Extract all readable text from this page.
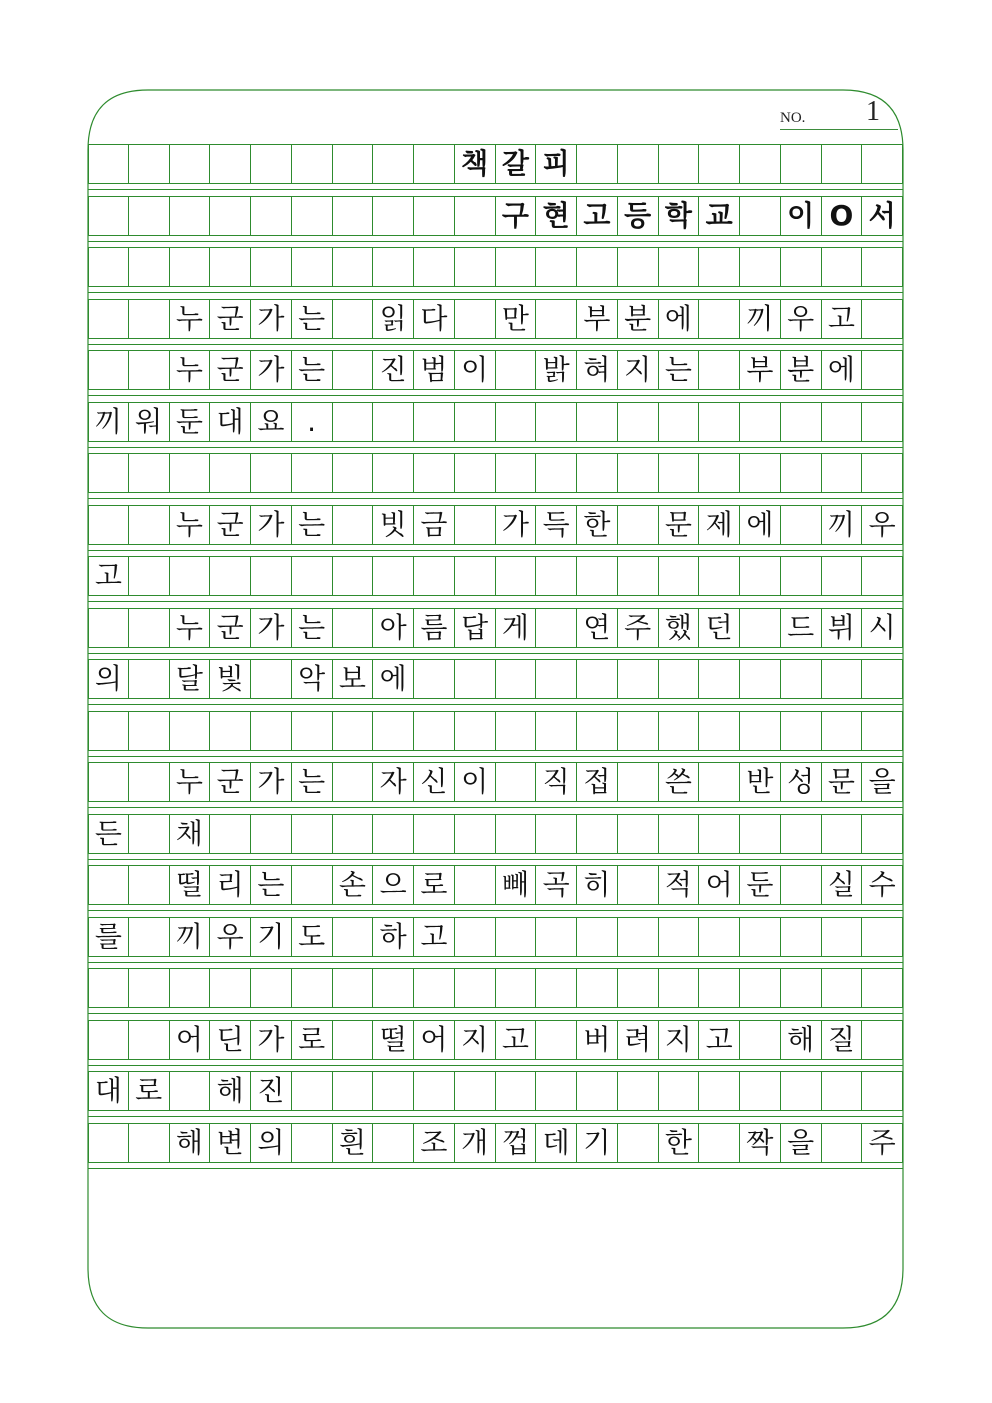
NO. 1
책 갈 피
구 현 고 등 학 교 이 O 서
누 군 가 는 읽 다 만 부 분 에 끼 우 고
누 군 가 는 진 범 이 밝 혀 지 는 부 분 에
끼 워 둔 대 요 .
누 군 가 는 빗 금 가 득 한 문 제 에 끼 우
고
누 군 가 는 아 름 답 게 연 주 했 던 드 뷔 시
의 달 빛 악 보 에
누 군 가 는 자 신 이 직 접 쓴 반 성 문 을
든 채
떨 리 는 손 으 로 빼 곡 히 적 어 둔 실 수
를 끼 우 기 도 하 고
어 딘 가 로 떨 어 지 고 버 려 지 고 해 질
대 로 해 진
해 변 의 흰 조 개 껍 데 기 한 짝 을 주
